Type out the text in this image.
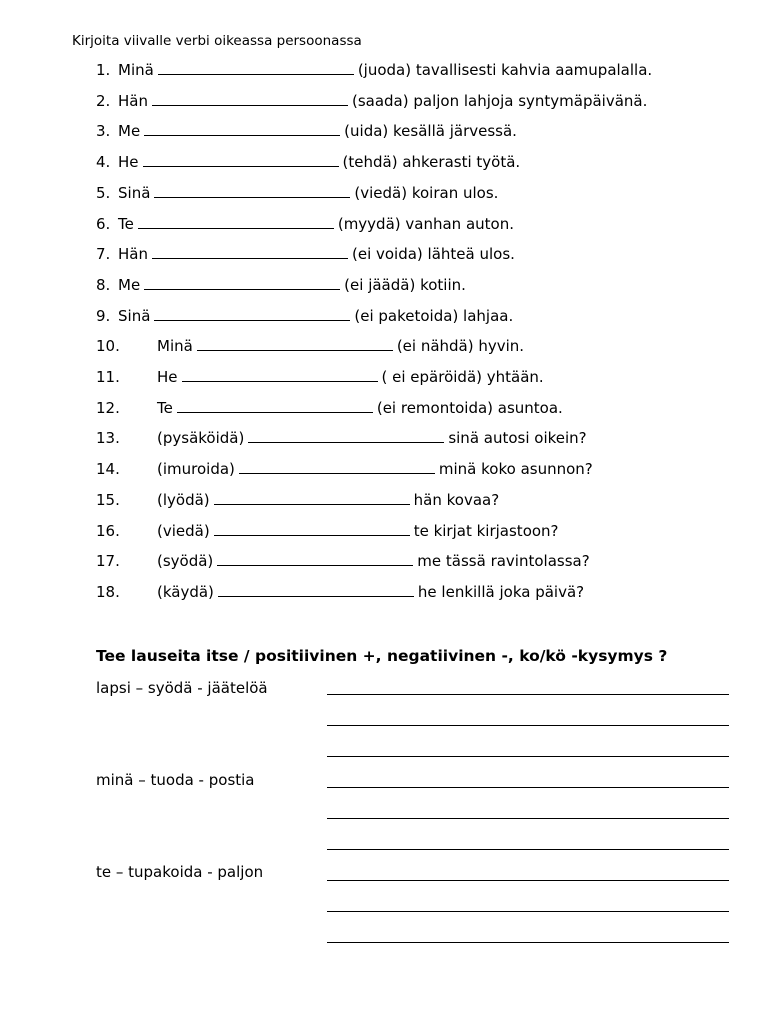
Kirjoita viivalle verbi oikeassa persoonassa
1. Minä	(juoda) tavallisesti kahvia aamupalalla.
2. Hän	(saada) paljon lahjoja syntymäpäivänä.
3. Me	(uida) kesällä järvessä.
4. He	(tehdä) ahkerasti työtä.
5. Sinä	(viedä) koiran ulos.
6. Te	(myydä) vanhan auton.
7. Hän	(ei voida) lähteä ulos.
8. Me	(ei jäädä) kotiin.
9. Sinä	(ei paketoida) lahjaa.
10. Minä	(ei nähdä) hyvin.
11. He	( ei epäröidä) yhtään.
12. Te	(ei remontoida) asuntoa.
13. (pysäköidä)	sinä autosi oikein?
14. (imuroida)	minä koko asunnon?
15. (lyödä)	hän kovaa?
16. (viedä)	te kirjat kirjastoon?
17. (syödä)	me tässä ravintolassa?
18. (käydä)	he lenkillä joka päivä?
Tee lauseita itse / positiivinen +, negatiivinen -, ko/kö -kysymys ?
lapsi – syödä - jäätelöä
minä – tuoda - postia
te – tupakoida - paljon
